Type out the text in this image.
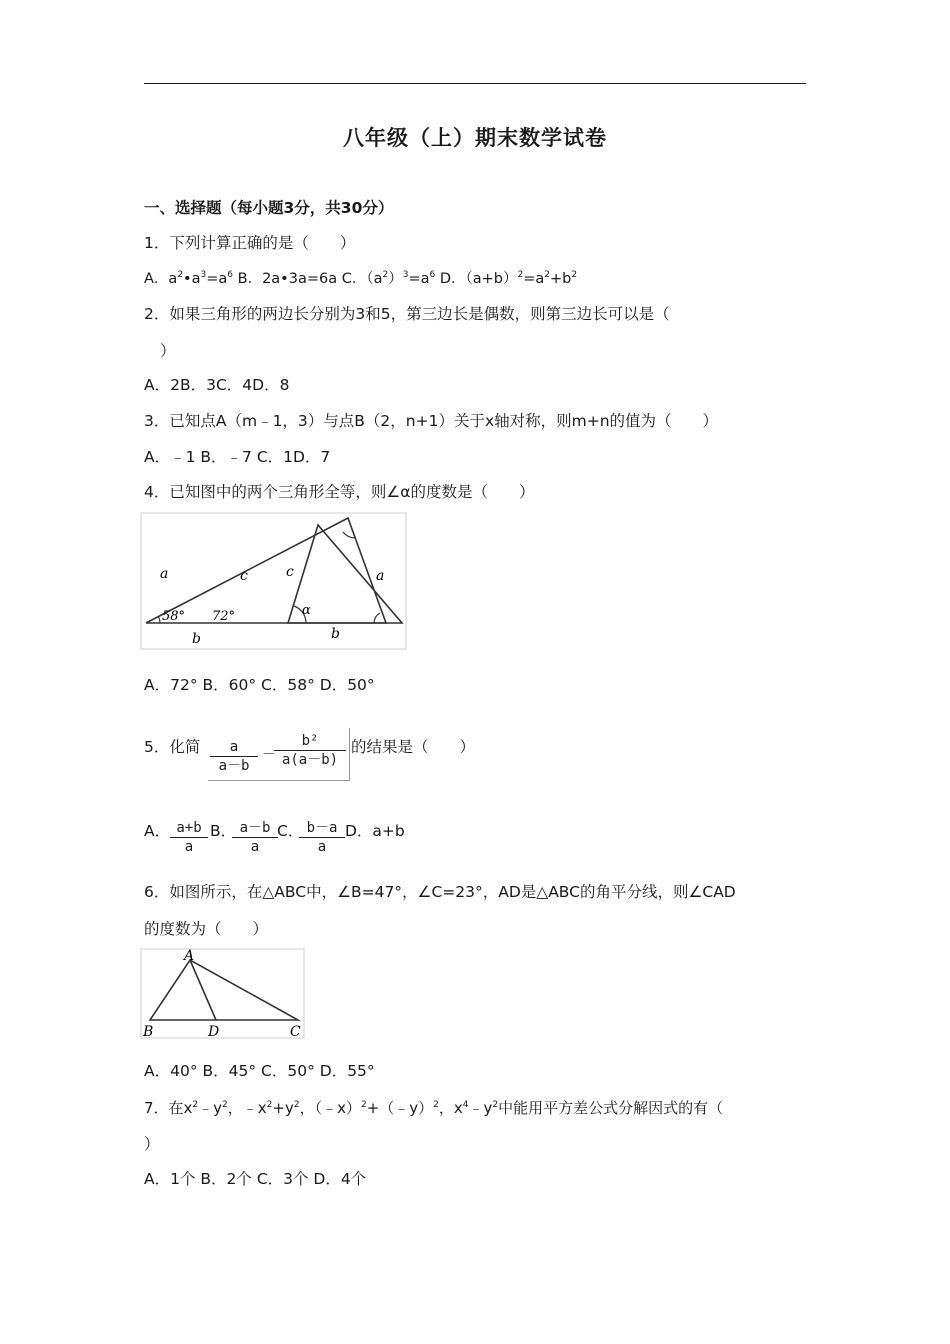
八年级（上）期末数学试卷
一、选择题（每小题3分，共30分）
1．下列计算正确的是（　　）
A．$a^2•a^3=a^6$ B．2a•3a=6a C．$(a^2)^3=a^6$ D．$(a+b)^2=a^2+b^2$
2．如果三角形的两边长分别为3和5，第三边长是偶数，则第三边长可以是（
）
A．2B．3C．4D．8
3．已知点A（m﹣1，3）与点B（2，n+1）关于x轴对称，则m+n的值为（　　）
A．﹣1 B．﹣7 C．1D．7
4．已知图中的两个三角形全等，则∠α的度数是（　　）
a	c
b
58° 72°
c	a
b
α
A．72° B．60° C．58° D．50°
5．化简 $\frac{a}{a-b}$ －
$\frac{\text{b²}}{a(a-b)}$ 的结果是（　　）
A． $\frac{a+b}{a}$ B．
$\frac{a-b}{a}$ C．
$\frac{b-a}{a}$ D．a+b
6．如图所示，在△ABC中，∠B=47°，∠C=23°，AD是△ABC的角平分线，则∠CAD
的度数为（　　）
A
B	D	C
A．40° B．45° C．50° D．55°
7．在$x^2﹣y^2$，$﹣x^2+y^2$，（﹣x）$^2$+（﹣y）$^2$，$x^4﹣y^2$中能用平方差公式分解因式的有（
）
A．1个 B．2个 C．3个 D．4个
